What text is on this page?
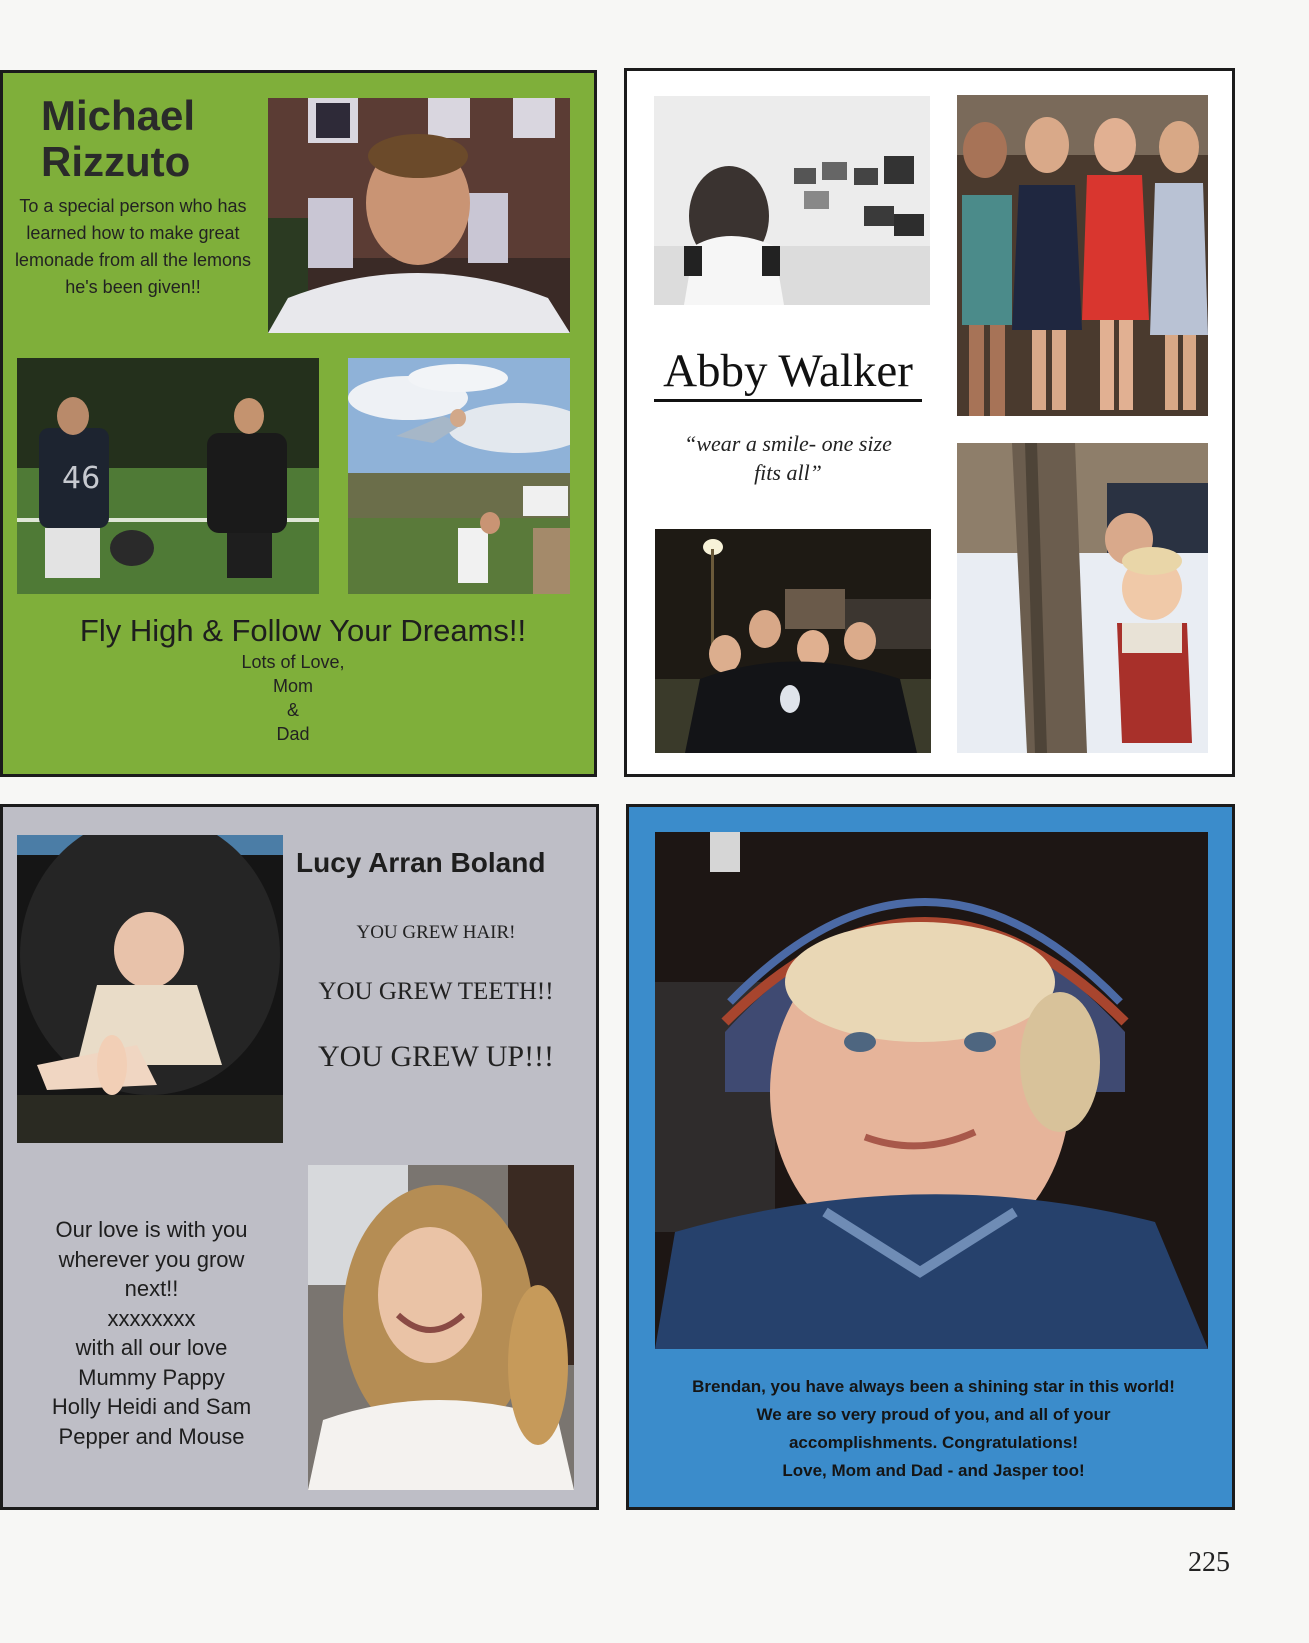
Michael
Rizzuto
To a special person who has learned how to make great lemonade from all the lemons he's been given!!
46
Fly High & Follow Your Dreams!!
Lots of Love,
Mom
&
Dad
Abby Walker
“wear a smile- one size
fits all”
Lucy Arran Boland
YOU GREW HAIR!
YOU GREW TEETH!!
YOU GREW UP!!!
Our love is with you
wherever you grow
next!!
xxxxxxxx
with all our love
Mummy Pappy
Holly Heidi and Sam
Pepper and Mouse
Brendan, you have always been a shining star in this world!
We are so very proud of you, and all of your
accomplishments. Congratulations!
Love, Mom and Dad - and Jasper too!
225
